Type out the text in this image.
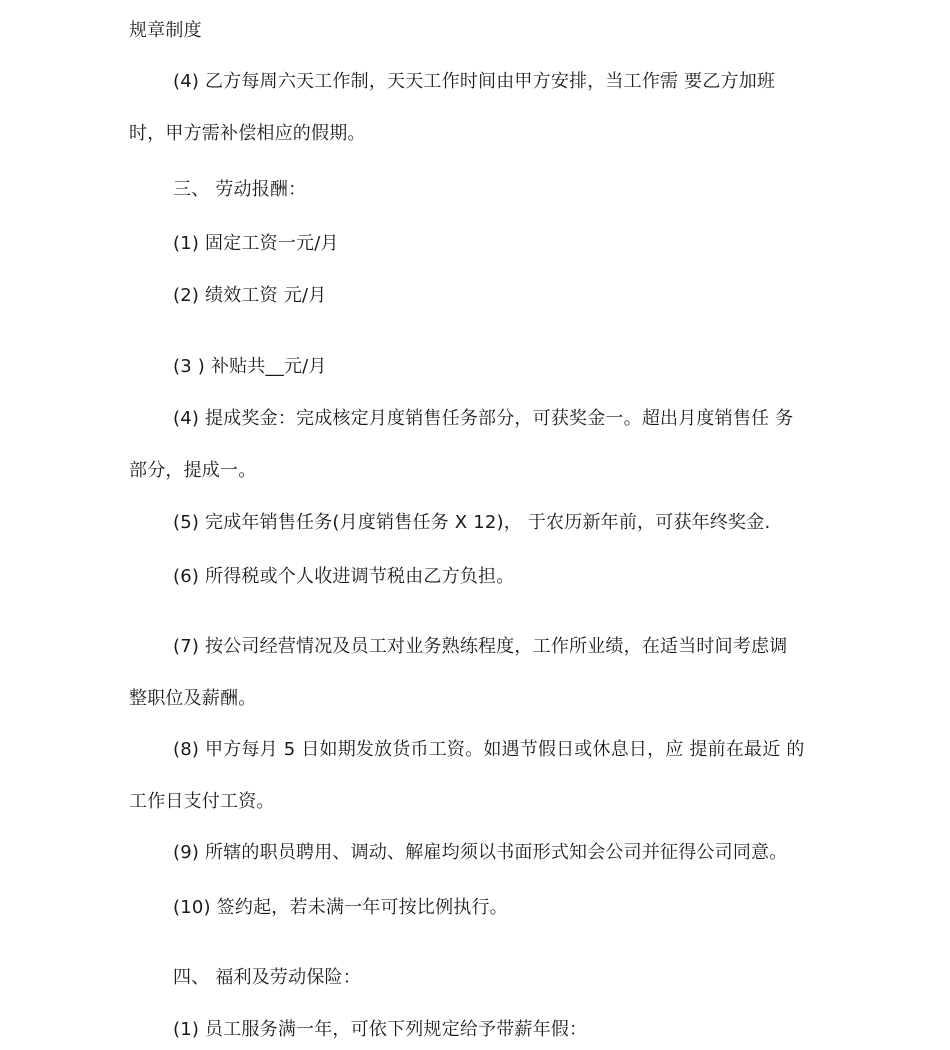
规章制度
(4) 乙方每周六天工作制，天天工作时间由甲方安排，当工作需 要乙方加班
时，甲方需补偿相应的假期。
三、 劳动报酬：
(1) 固定工资一元/月
(2) 绩效工资 元/月
(3 ) 补贴共__元/月
(4) 提成奖金：完成核定月度销售任务部分，可获奖金一。超出月度销售任 务
部分，提成一。
(5) 完成年销售任务(月度销售任务 X 12)， 于农历新年前，可获年终奖金.
(6) 所得税或个人收进调节税由乙方负担。
(7) 按公司经营情况及员工对业务熟练程度，工作所业绩，在适当时间考虑调
整职位及薪酬。
(8) 甲方每月 5 日如期发放货币工资。如遇节假日或休息日，应 提前在最近 的
工作日支付工资。
(9) 所辖的职员聘用、调动、解雇均须以书面形式知会公司并征得公司同意。
(10) 签约起，若未满一年可按比例执行。
四、 福利及劳动保险：
(1) 员工服务满一年，可依下列规定给予带薪年假：
